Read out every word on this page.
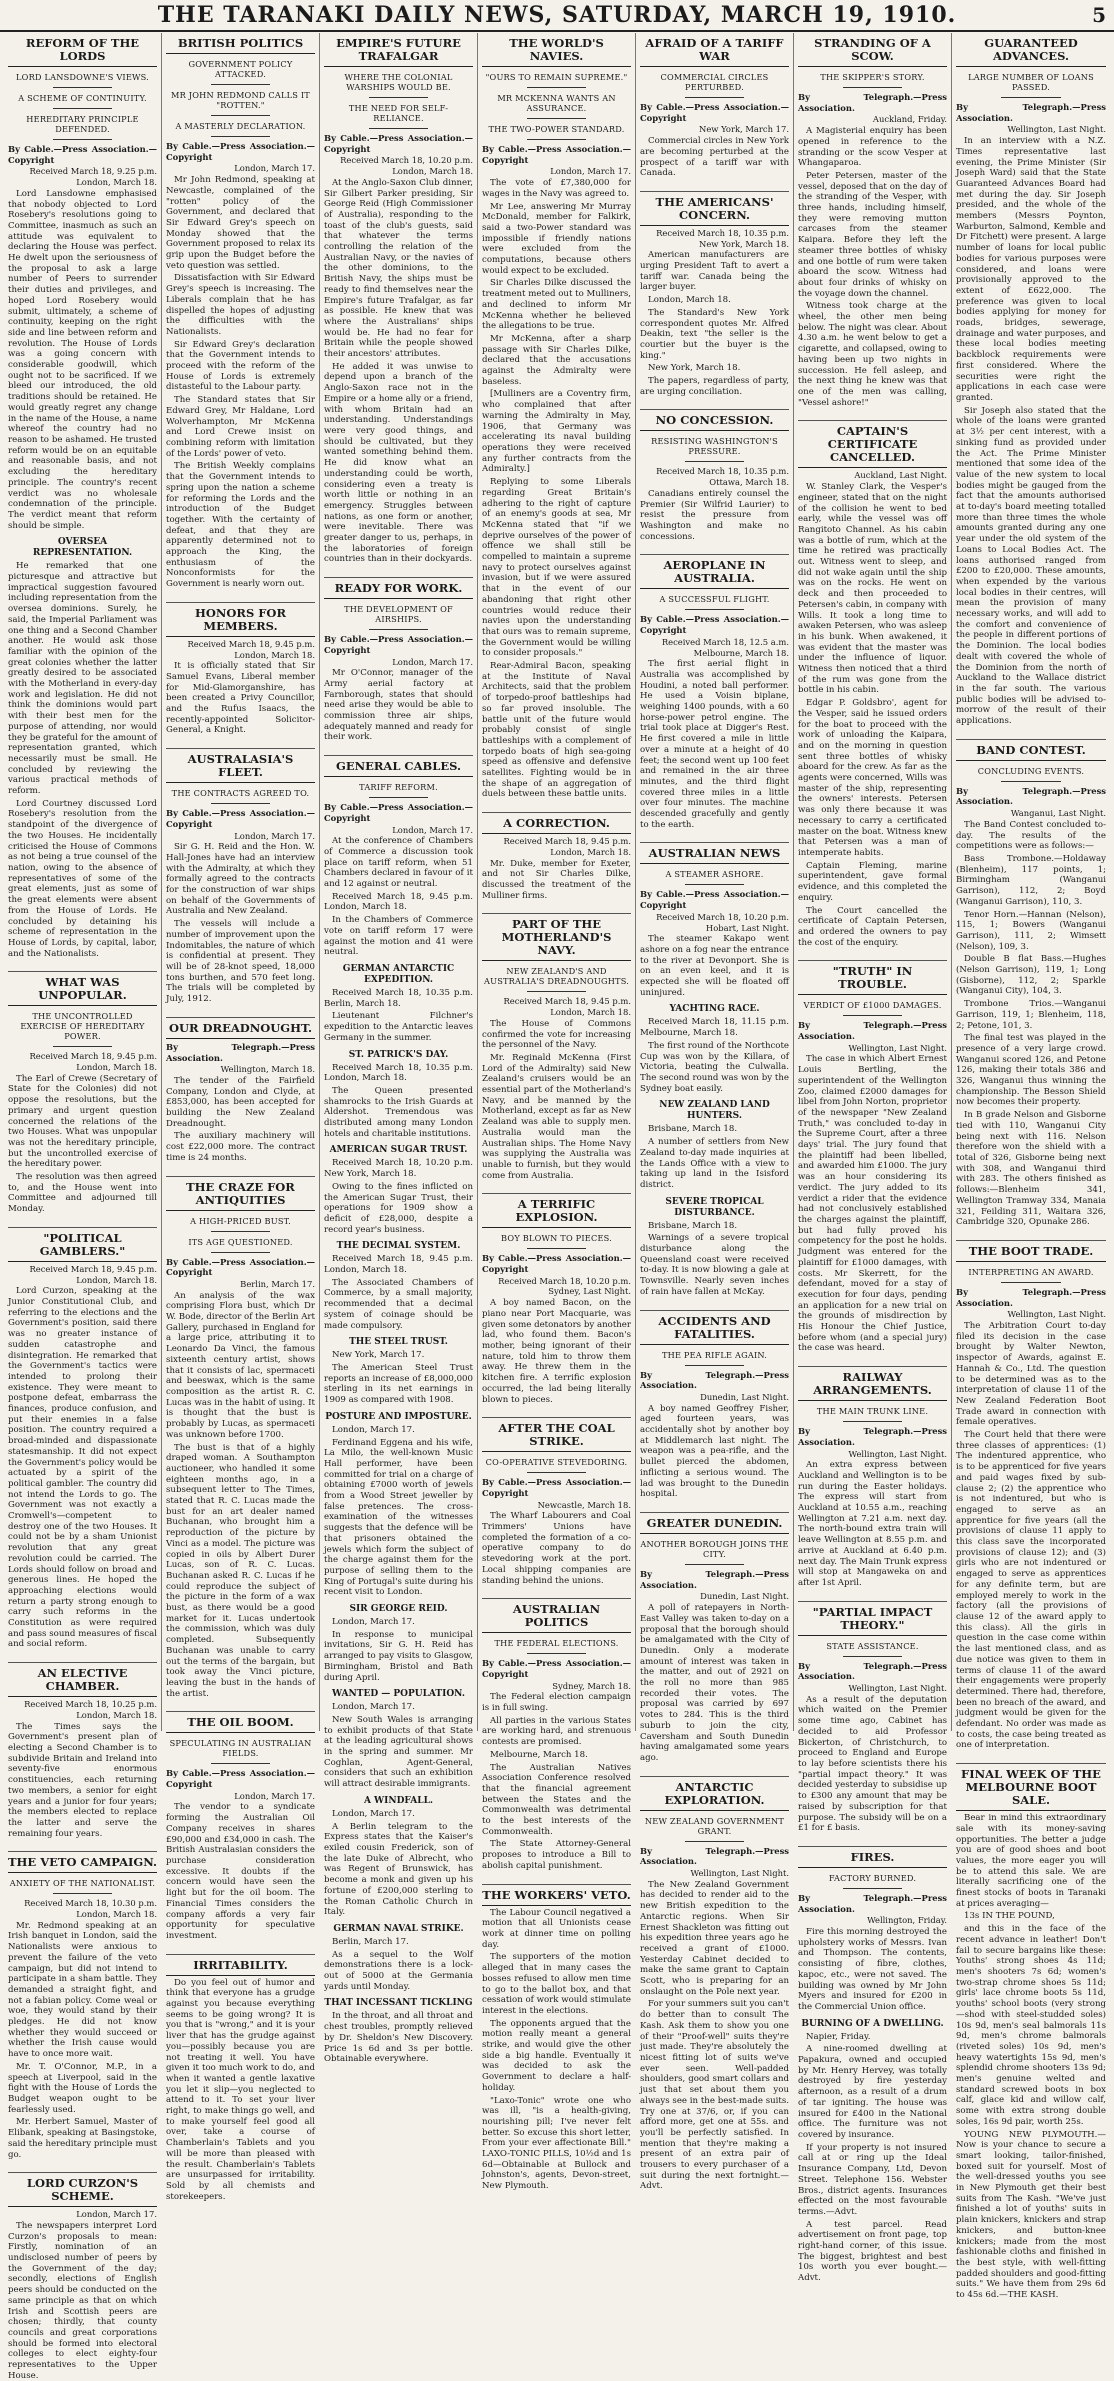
THE TARANAKI DAILY NEWS, SATURDAY, MARCH 19, 1910.	5
REFORM OF THE LORDS
LORD LANSDOWNE'S VIEWS.
A SCHEME OF CONTINUITY.
HEREDITARY PRINCIPLE DEFENDED.
By Cable.—Press Association.—Copyright
Received March 18, 9.25 p.m. London, March 18.

Lord Lansdowne emphasised that nobody objected to Lord Rosebery's resolutions going to Committee, inasmuch as such an attitude was equivalent to declaring the House was perfect. He dwelt upon the seriousness of the proposal to ask a large number of Peers to surrender their duties and privileges, and hoped Lord Rosebery would submit, ultimately, a scheme of continuity, keeping on the right side and line between reform and revolution. The House of Lords was a going concern with considerable goodwill, which ought not to be sacrificed. If we bleed our introduced, the old traditions should be retained. He would greatly regret any change in the name of the House, a name whereof the country had no reason to be ashamed. He trusted reform would be on an equitable and reasonable basis, and not excluding the hereditary principle. The country's recent verdict was no wholesale condemnation of the principle. The verdict meant that reform should be simple.

OVERSEA REPRESENTATION.

He remarked that one picturesque and attractive but impractical suggestion favoured including representation from the oversea dominions. Surely, he said, the Imperial Parliament was one thing and a Second Chamber another. He would ask those familiar with the opinion of the great colonies whether the latter greatly desired to be associated with the Motherland in every-day work and legislation. He did not think the dominions would part with their best men for the purpose of attending, nor would they be grateful for the amount of representation granted, which necessarily must be small. He concluded by reviewing the various practical methods of reform.

Lord Courtney discussed Lord Rosebery's resolution from the standpoint of the divergence of the two Houses. He incidentally criticised the House of Commons as not being a true counsel of the nation, owing to the absence of representatives of some of the great elements, just as some of the great elements were absent from the House of Lords. He concluded by detaining his scheme of representation in the House of Lords, by capital, labor, and the Nationalists.

WHAT WAS UNPOPULAR.
THE UNCONTROLLED EXERCISE OF HEREDITARY POWER.
Received March 18, 9.45 p.m. London, March 18.

The Earl of Crewe (Secretary of State for the Colonies) did not oppose the resolutions, but the primary and urgent question concerned the relations of the two Houses. What was unpopular was not the hereditary principle, but the uncontrolled exercise of the hereditary power.

The resolution was then agreed to, and the House went into Committee and adjourned till Monday.

"POLITICAL GAMBLERS."
Received March 18, 9.45 p.m. London, March 18.

Lord Curzon, speaking at the Junior Constitutional Club, and referring to the elections and the Government's position, said there was no greater instance of sudden catastrophe and disintegration. He remarked that the Government's tactics were intended to prolong their existence. They were meant to postpone defeat, embarrass the finances, produce confusion, and put their enemies in a false position. The country required a broad-minded and dispassionate statesmanship. It did not expect the Government's policy would be actuated by a spirit of the political gambler. The country did not intend the Lords to go. The Government was not exactly a Cromwell's—competent to destroy one of the two Houses. It could not be by a sham Unionist revolution that any great revolution could be carried. The Lords should follow on broad and generous lines. He hoped the approaching elections would return a party strong enough to carry such reforms in the Constitution as were required and pass sound measures of fiscal and social reform.

AN ELECTIVE CHAMBER.
Received March 18, 10.25 p.m. London, March 18.

The Times says the Government's present plan of electing a Second Chamber is to subdivide Britain and Ireland into seventy-five enormous constituencies, each returning two members, a senior for eight years and a junior for four years; the members elected to replace the latter and serve the remaining four years.

THE VETO CAMPAIGN.
ANXIETY OF THE NATIONALIST.
Received March 18, 10.30 p.m. London, March 18.

Mr. Redmond speaking at an Irish banquet in London, said the Nationalists were anxious to prevent the failure of the veto campaign, but did not intend to participate in a sham battle. They demanded a straight fight, and not a fabian policy. Come weal or woe, they would stand by their pledges. He did not know whether they would succeed or whether the Irish cause would have to once more wait.

Mr. T. O'Connor, M.P., in a speech at Liverpool, said in the fight with the House of Lords the Budget weapon ought to be fearlessly used.

Mr. Herbert Samuel, Master of Elibank, speaking at Basingstoke, said the hereditary principle must go.

LORD CURZON'S SCHEME.
London, March 17.

The newspapers interpret Lord Curzon's proposals to mean: Firstly, nomination of an undisclosed number of peers by the Government of the day; secondly, elections of English peers should be conducted on the same principle as that on which Irish and Scottish peers are chosen; thirdly, that county councils and great corporations should be formed into electoral colleges to elect eighty-four representatives to the Upper House.

BRITISH POLITICS
GOVERNMENT POLICY ATTACKED.
MR JOHN REDMOND CALLS IT "ROTTEN."
A MASTERLY DECLARATION.
By Cable.—Press Association.—Copyright
London, March 17.

Mr John Redmond, speaking at Newcastle, complained of the "rotten" policy of the Government, and declared that Sir Edward Grey's speech on Monday showed that the Government proposed to relax its grip upon the Budget before the veto question was settled.

Dissatisfaction with Sir Edward Grey's speech is increasing. The Liberals complain that he has dispelled the hopes of adjusting the difficulties with the Nationalists.

Sir Edward Grey's declaration that the Government intends to proceed with the reform of the House of Lords is extremely distasteful to the Labour party.

The Standard states that Sir Edward Grey, Mr Haldane, Lord Wolverhampton, Mr McKenna and Lord Crewe insist on combining reform with limitation of the Lords' power of veto.

The British Weekly complains that the Government intends to spring upon the nation a scheme for reforming the Lords and the introduction of the Budget together. With the certainty of defeat, and that they are apparently determined not to approach the King, the enthusiasm of the Nonconformists for the Government is nearly worn out.

HONORS FOR MEMBERS.
Received March 18, 9.45 p.m. London, March 18.

It is officially stated that Sir Samuel Evans, Liberal member for Mid-Glamorganshire, has been created a Privy Councillor, and the Rufus Isaacs, the recently-appointed Solicitor-General, a Knight.

AUSTRALASIA'S FLEET.
THE CONTRACTS AGREED TO.
By Cable.—Press Association.—Copyright
London, March 17.

Sir G. H. Reid and the Hon. W. Hall-Jones have had an interview with the Admiralty, at which they formally agreed to the contracts for the construction of war ships on behalf of the Governments of Australia and New Zealand.

The vessels will include a number of improvement upon the Indomitables, the nature of which is confidential at present. They will be of 28-knot speed, 18,000 tons burthen, and 570 feet long. The trials will be completed by July, 1912.

OUR DREADNOUGHT.
By Telegraph.—Press Association.
Wellington, March 18.

The tender of the Fairfield Company, London and Clyde, at £853,000, has been accepted for building the New Zealand Dreadnought.

The auxiliary machinery will cost £22,000 more. The contract time is 24 months.

THE CRAZE FOR ANTIQUITIES
A HIGH-PRICED BUST.
ITS AGE QUESTIONED.
By Cable.—Press Association.—Copyright
Berlin, March 17.

An analysis of the wax comprising Flora bust, which Dr W. Bode, director of the Berlin Art Gallery, purchased in England for a large price, attributing it to Leonardo Da Vinci, the famous sixteenth century artist, shows that it consists of lac, spermaceti and beeswax, which is the same composition as the artist R. C. Lucas was in the habit of using. It is thought that the bust is probably by Lucas, as spermaceti was unknown before 1700.

The bust is that of a highly draped woman. A Southampton auctioneer, who handled it some eighteen months ago, in a subsequent letter to The Times, stated that R. C. Lucas made the bust for an art dealer named Buchanan, who brought him a reproduction of the picture by Vinci as a model. The picture was copied in oils by Albert Durer Lucas, son of R. C. Lucas. Buchanan asked R. C. Lucas if he could reproduce the subject of the picture in the form of a wax bust, as there would be a good market for it. Lucas undertook the commission, which was duly completed. Subsequently Buchanan was unable to carry out the terms of the bargain, but took away the Vinci picture, leaving the bust in the hands of the artist.

THE OIL BOOM.
SPECULATING IN AUSTRALIAN FIELDS.
By Cable.—Press Association.—Copyright
London, March 17.

The vendor to a syndicate forming the Australian Oil Company receives in shares £90,000 and £34,000 in cash. The British Australasian considers the purchase consideration excessive. It doubts if the concern would have seen the light but for the oil boom. The Financial Times considers the company affords a very fair opportunity for speculative investment.

IRRITABILITY.

Do you feel out of humor and think that everyone has a grudge against you because everything seems to be going wrong? It is you that is "wrong," and it is your liver that has the grudge against you—possibly because you are not treating it well. You have given it too much work to do, and when it wanted a gentle laxative you let it slip—you neglected to attend to it. To set your liver right, to make things go well, and to make yourself feel good all over, take a course of Chamberlain's Tablets and you will be more than pleased with the result. Chamberlain's Tablets are unsurpassed for irritability. Sold by all chemists and storekeepers.

EMPIRE'S FUTURE TRAFALGAR
WHERE THE COLONIAL WARSHIPS WOULD BE.
THE NEED FOR SELF-RELIANCE.
By Cable.—Press Association.—Copyright
Received March 18, 10.20 p.m. London, March 18.

At the Anglo-Saxon Club dinner, Sir Gilbert Parker presiding, Sir George Reid (High Commissioner of Australia), responding to the toast of the club's guests, said that whatever the terms controlling the relation of the Australian Navy, or the navies of the other dominions, to the British Navy, the ships must be ready to find themselves near the Empire's future Trafalgar, as far as possible. He knew that was where the Australians' ships would be. He had no fear for Britain while the people showed their ancestors' attributes.

He added it was unwise to depend upon a branch of the Anglo-Saxon race not in the Empire or a home ally or a friend, with whom Britain had an understanding. Understandings were very good things, and should be cultivated, but they wanted something behind them. He did know what an understanding could be worth, considering even a treaty is worth little or nothing in an emergency. Struggles between nations, as one form or another, were inevitable. There was greater danger to us, perhaps, in the laboratories of foreign countries than in their dockyards.

READY FOR WORK.
THE DEVELOPMENT OF AIRSHIPS.
By Cable.—Press Association.—Copyright
London, March 17.

Mr O'Connor, manager of the Army aerial factory at Farnborough, states that should need arise they would be able to commission three air ships, adequately manned and ready for their work.

GENERAL CABLES.
TARIFF REFORM.
By Cable.—Press Association.—Copyright
London, March 17.

At the conference of Chambers of Commerce a discussion took place on tariff reform, when 51 Chambers declared in favour of it and 12 against or neutral.

Received March 18, 9.45 p.m. London, March 18.

In the Chambers of Commerce vote on tariff reform 17 were against the motion and 41 were neutral.

GERMAN ANTARCTIC EXPEDITION.

Received March 18, 10.35 p.m. Berlin, March 18.

Lieutenant Filchner's expedition to the Antarctic leaves Germany in the summer.

ST. PATRICK'S DAY.

Received March 18, 10.35 p.m. London, March 18.

The Queen presented shamrocks to the Irish Guards at Aldershot. Tremendous was distributed among many London hotels and charitable institutions.

AMERICAN SUGAR TRUST.

Received March 18, 10.20 p.m. New York, March 18.

Owing to the fines inflicted on the American Sugar Trust, their operations for 1909 show a deficit of £28,000, despite a record year's business.

THE DECIMAL SYSTEM.

Received March 18, 9.45 p.m. London, March 18.

The Associated Chambers of Commerce, by a small majority, recommended that a decimal system of coinage should be made compulsory.

THE STEEL TRUST.

New York, March 17.

The American Steel Trust reports an increase of £8,000,000 sterling in its net earnings in 1909 as compared with 1908.

POSTURE AND IMPOSTURE.

London, March 17.

Ferdinand Eggena and his wife, La Milo, the well-known Music Hall performer, have been committed for trial on a charge of obtaining £7000 worth of jewels from a Wood Street jeweller by false pretences. The cross-examination of the witnesses suggests that the defence will be that prisoners obtained the jewels which form the subject of the charge against them for the purpose of selling them to the King of Portugal's suite during his recent visit to London.

SIR GEORGE REID.

London, March 17.

In response to municipal invitations, Sir G. H. Reid has arranged to pay visits to Glasgow, Birmingham, Bristol and Bath during April.

WANTED — POPULATION.

London, March 17.

New South Wales is arranging to exhibit products of that State at the leading agricultural shows in the spring and summer. Mr Coghlan, Agent-General, considers that such an exhibition will attract desirable immigrants.

A WINDFALL.

London, March 17.

A Berlin telegram to the Express states that the Kaiser's exiled cousin Frederick, son of the late Duke of Albrecht, who was Regent of Brunswick, has become a monk and given up his fortune of £200,000 sterling to the Roman Catholic Church in Italy.

GERMAN NAVAL STRIKE.

Berlin, March 17.

As a sequel to the Wolf demonstrations there is a lock-out of 5000 at the Germania yards until Monday.

THAT INCESSANT TICKLING

In the throat, and all throat and chest troubles, promptly relieved by Dr. Sheldon's New Discovery. Price 1s 6d and 3s per bottle. Obtainable everywhere.

THE WORLD'S NAVIES.
"OURS TO REMAIN SUPREME."
MR MCKENNA WANTS AN ASSURANCE.
THE TWO-POWER STANDARD.
By Cable.—Press Association.—Copyright
London, March 17.

The vote of £7,380,000 for wages in the Navy was agreed to.

Mr Lee, answering Mr Murray McDonald, member for Falkirk, said a two-Power standard was impossible if friendly nations were excluded from the computations, because others would expect to be excluded.

Sir Charles Dilke discussed the treatment meted out to Mulliners, and declined to inform Mr McKenna whether he believed the allegations to be true.

Mr McKenna, after a sharp passage with Sir Charles Dilke, declared that the accusations against the Admiralty were baseless.

[Mulliners are a Coventry firm, who complained that after warning the Admiralty in May, 1906, that Germany was accelerating its naval building operations they were received any further contracts from the Admiralty.]

Replying to some Liberals regarding Great Britain's adhering to the right of capture of an enemy's goods at sea, Mr McKenna stated that "if we deprive ourselves of the power of offence we shall still be compelled to maintain a supreme navy to protect ourselves against invasion, but if we were assured that in the event of our abandoning that right other countries would reduce their navies upon the understanding that ours was to remain supreme, the Government would be willing to consider proposals."

Rear-Admiral Bacon, speaking at the Institute of Naval Architects, said that the problem of torpedo-proof battleships had so far proved insoluble. The battle unit of the future would probably consist of single battleships with a complement of torpedo boats of high sea-going speed as offensive and defensive satellites. Fighting would be in the shape of an aggregation of duels between these battle units.

A CORRECTION.
Received March 18, 9.45 p.m. London, March 18.

Mr. Duke, member for Exeter, and not Sir Charles Dilke, discussed the treatment of the Mulliner firms.

PART OF THE MOTHERLAND'S NAVY.
NEW ZEALAND'S AND AUSTRALIA'S DREADNOUGHTS.
Received March 18, 9.45 p.m. London, March 18.

The House of Commons confirmed the vote for increasing the personnel of the Navy.

Mr. Reginald McKenna (First Lord of the Admiralty) said New Zealand's cruisers would be an essential part of the Motherland's Navy, and be manned by the Motherland, except as far as New Zealand was able to supply men. Australia would man the Australian ships. The Home Navy was supplying the Australia was unable to furnish, but they would come from Australia.

A TERRIFIC EXPLOSION.
BOY BLOWN TO PIECES.
By Cable.—Press Association.—Copyright
Received March 18, 10.20 p.m. Sydney, Last Night.

A boy named Bacon, on the piano near Port Macquarie, was given some detonators by another lad, who found them. Bacon's mother, being ignorant of their nature, told him to throw them away. He threw them in the kitchen fire. A terrific explosion occurred, the lad being literally blown to pieces.

AFTER THE COAL STRIKE.
CO-OPERATIVE STEVEDORING.
By Cable.—Press Association.—Copyright
Newcastle, March 18.

The Wharf Labourers and Coal Trimmers' Unions have completed the formation of a co-operative company to do stevedoring work at the port. Local shipping companies are standing behind the unions.

AUSTRALIAN POLITICS
THE FEDERAL ELECTIONS.
By Cable.—Press Association.—Copyright
Sydney, March 18.

The Federal election campaign is in full swing.

All parties in the various States are working hard, and strenuous contests are promised.

Melbourne, March 18.

The Australian Natives Association Conference resolved that the financial agreement between the States and the Commonwealth was detrimental to the best interests of the Commonwealth.

The State Attorney-General proposes to introduce a Bill to abolish capital punishment.

THE WORKERS' VETO.

The Labour Council negatived a motion that all Unionists cease work at dinner time on polling day.

The supporters of the motion alleged that in many cases the bosses refused to allow men time to go to the ballot box, and that cessation of work would stimulate interest in the elections.

The opponents argued that the motion really meant a general strike, and would give the other side a big handle. Eventually it was decided to ask the Government to declare a half-holiday.

"Laxo-Tonic" wrote one who was ill, "is a health-giving, nourishing pill; I've never felt better. So excuse this short letter, From your ever affectionate Bill." LAXO-TONIC PILLS, 10½d and 1s 6d—Obtainable at Bullock and Johnston's, agents, Devon-street, New Plymouth.

AFRAID OF A TARIFF WAR
COMMERCIAL CIRCLES PERTURBED.
By Cable.—Press Association.—Copyright
New York, March 17.

Commercial circles in New York are becoming perturbed at the prospect of a tariff war with Canada.

THE AMERICANS' CONCERN.
Received March 18, 10.35 p.m. New York, March 18.

American manufacturers are urging President Taft to avert a tariff war. Canada being the larger buyer.

London, March 18.

The Standard's New York correspondent quotes Mr. Alfred Deakin, text "the seller is the courtier but the buyer is the king."

New York, March 18.

The papers, regardless of party, are urging conciliation.

NO CONCESSION.
RESISTING WASHINGTON'S PRESSURE.
Received March 18, 10.35 p.m. Ottawa, March 18.

Canadians entirely counsel the Premier (Sir Wilfrid Laurier) to resist the pressure from Washington and make no concessions.

AEROPLANE IN AUSTRALIA.
A SUCCESSFUL FLIGHT.
By Cable.—Press Association.—Copyright
Received March 18, 12.5 a.m. Melbourne, March 18.

The first aerial flight in Australia was accomplished by Houdini, a noted ball performer. He used a Voisin biplane, weighing 1400 pounds, with a 60 horse-power petrol engine. The trial took place at Digger's Rest. He first covered a mile in little over a minute at a height of 40 feet; the second went up 100 feet and remained in the air three minutes, and the third flight covered three miles in a little over four minutes. The machine descended gracefully and gently to the earth.

AUSTRALIAN NEWS
A STEAMER ASHORE.
By Cable.—Press Association.—Copyright
Received March 18, 10.20 p.m. Hobart, Last Night.

The steamer Kakapo went ashore on a fog near the entrance to the river at Devonport. She is on an even keel, and it is expected she will be floated off uninjured.

YACHTING RACE.

Received March 18, 11.15 p.m. Melbourne, March 18.

The first round of the Northcote Cup was won by the Killara, of Victoria, beating the Culwalla. The second round was won by the Sydney boat easily.

NEW ZEALAND LAND HUNTERS.

Brisbane, March 18.

A number of settlers from New Zealand to-day made inquiries at the Lands Office with a view to taking up land in the Isisford district.

SEVERE TROPICAL DISTURBANCE.

Brisbane, March 18.

Warnings of a severe tropical disturbance along the Queensland coast were received to-day. It is now blowing a gale at Townsville. Nearly seven inches of rain have fallen at McKay.

ACCIDENTS AND FATALITIES.
THE PEA RIFLE AGAIN.
By Telegraph.—Press Association.
Dunedin, Last Night.

A boy named Geoffrey Fisher, aged fourteen years, was accidentally shot by another boy at Middlemarch last night. The weapon was a pea-rifle, and the bullet pierced the abdomen, inflicting a serious wound. The lad was brought to the Dunedin hospital.

GREATER DUNEDIN.
ANOTHER BOROUGH JOINS THE CITY.
By Telegraph.—Press Association.
Dunedin, Last Night.

A poll of ratepayers in North-East Valley was taken to-day on a proposal that the borough should be amalgamated with the City of Dunedin. Only a moderate amount of interest was taken in the matter, and out of 2921 on the roll no more than 985 recorded their votes. The proposal was carried by 697 votes to 284. This is the third suburb to join the city, Caversham and South Dunedin having amalgamated some years ago.

ANTARCTIC EXPLORATION.
NEW ZEALAND GOVERNMENT GRANT.
By Telegraph.—Press Association.
Wellington, Last Night.

The New Zealand Government has decided to render aid to the new British expedition to the Antarctic regions. When Sir Ernest Shackleton was fitting out his expedition three years ago he received a grant of £1000. Yesterday Cabinet decided to make the same grant to Captain Scott, who is preparing for an onslaught on the Pole next year.

For your summers suit you can't do better than to consult The Kash. Ask them to show you one of their "Proof-well" suits they're just made. They're absolutely the nicest fitting lot of suits we've ever seen. Well-padded shoulders, good smart collars and just that set about them you always see in the best-made suits. Try one at 37/6, or, if you can afford more, get one at 55s. and you'll be perfectly satisfied. In mention that they're making a present of an extra pair of trousers to every purchaser of a suit during the next fortnight.—Advt.

STRANDING OF A SCOW.
THE SKIPPER'S STORY.
By Telegraph.—Press Association.
Auckland, Friday.

A Magisterial enquiry has been opened in reference to the stranding or the scow Vesper at Whangaparoa.

Peter Petersen, master of the vessel, deposed that on the day of the stranding of the Vesper, with three hands, including himself, they were removing mutton carcases from the steamer Kaipara. Before they left the steamer three bottles of whisky and one bottle of rum were taken aboard the scow. Witness had about four drinks of whisky on the voyage down the channel.

Witness took charge at the wheel, the other men being below. The night was clear. About 4.30 a.m. he went below to get a cigarette, and collapsed, owing to having been up two nights in succession. He fell asleep, and the next thing he knew was that one of the men was calling, "Vessel ashore!"

CAPTAIN'S CERTIFICATE CANCELLED.
Auckland, Last Night.

W. Stanley Clark, the Vesper's engineer, stated that on the night of the collision he went to bed early, while the vessel was off Rangitoto Channel. As his cabin was a bottle of rum, which at the time he retired was practically out. Witness went to sleep, and did not wake again until the ship was on the rocks. He went on deck and then proceeded to Petersen's cabin, in company with Wills. It took a long time to awaken Petersen, who was asleep in his bunk. When awakened, it was evident that the master was under the influence of liquor. Witness then noticed that a third of the rum was gone from the bottle in his cabin.

Edgar P. Goldsbro', agent for the Vesper, said he issued orders for the boat to proceed with the work of unloading the Kaipara, and on the morning in question sent three bottles of whisky aboard for the crew. As far as the agents were concerned, Wills was master of the ship, representing the owners' interests. Petersen was only there because it was necessary to carry a certificated master on the boat. Witness knew that Petersen was a man of intemperate habits.

Captain Fleming, marine superintendent, gave formal evidence, and this completed the enquiry.

The Court cancelled the certificate of Captain Petersen, and ordered the owners to pay the cost of the enquiry.

"TRUTH" IN TROUBLE.
VERDICT OF £1000 DAMAGES.
By Telegraph.—Press Association.
Wellington, Last Night.

The case in which Albert Ernest Louis Bertling, the superintendent of the Wellington Zoo, claimed £2000 damages for libel from John Norton, proprietor of the newspaper "New Zealand Truth," was concluded to-day in the Supreme Court, after a three days' trial. The jury found that the plaintiff had been libelled, and awarded him £1000. The jury was an hour considering its verdict. The jury added to its verdict a rider that the evidence had not conclusively established the charges against the plaintiff, but had fully proved his competency for the post he holds. Judgment was entered for the plaintiff for £1000 damages, with costs. Mr Skerrett, for the defendant, moved for a stay of execution for four days, pending an application for a new trial on the grounds of misdirection by His Honour the Chief Justice, before whom (and a special jury) the case was heard.

RAILWAY ARRANGEMENTS.
THE MAIN TRUNK LINE.
By Telegraph.—Press Association.
Wellington, Last Night.

An extra express between Auckland and Wellington is to be run during the Easter holidays. The express will start from Auckland at 10.55 a.m., reaching Wellington at 7.21 a.m. next day. The north-bound extra train will leave Wellington at 8.55 p.m. and arrive at Auckland at 6.40 p.m. next day. The Main Trunk express will stop at Mangaweka on and after 1st April.

"PARTIAL IMPACT THEORY."
STATE ASSISTANCE.
By Telegraph.—Press Association.
Wellington, Last Night.

As a result of the deputation which waited on the Premier some time ago, Cabinet has decided to aid Professor Bickerton, of Christchurch, to proceed to England and Europe to lay before scientists there his "partial impact theory." It was decided yesterday to subsidise up to £300 any amount that may be raised by subscription for that purpose. The subsidy will be on a £1 for £ basis.

FIRES.
FACTORY BURNED.
By Telegraph.—Press Association.
Wellington, Friday.

Fire this morning destroyed the upholstery works of Messrs. Ivan and Thompson. The contents, consisting of fibre, clothes, kapoc, etc., were not saved. The building was owned by Mr John Myers and insured for £200 in the Commercial Union office.

BURNING OF A DWELLING.

Napier, Friday.

A nine-roomed dwelling at Papakura, owned and occupied by Mr. Henry Hervey, was totally destroyed by fire yesterday afternoon, as a result of a drum of tar igniting. The house was insured for £400 in the National office. The furniture was not covered by insurance.

If your property is not insured call at or ring up the Ideal Insurance Company, Ltd, Devon Street. Telephone 156. Webster Bros., district agents. Insurances effected on the most favourable terms.—Advt.

A test parcel. Read advertisement on front page, top right-hand corner, of this issue. The biggest, brightest and best 10s worth you ever bought.—Advt.

GUARANTEED ADVANCES.
LARGE NUMBER OF LOANS PASSED.
By Telegraph.—Press Association.
Wellington, Last Night.

In an interview with a N.Z. Times representative last evening, the Prime Minister (Sir Joseph Ward) said that the State Guaranteed Advances Board had met during the day. Sir Joseph presided, and the whole of the members (Messrs Poynton, Warburton, Salmond, Kemble and Dr Fitchett) were present. A large number of loans for local public bodies for various purposes were considered, and loans were provisionally approved to the extent of £622,000. The preference was given to local bodies applying for money for roads, bridges, sewerage, drainage and water purposes, and these local bodies meeting backblock requirements were first considered. Where the securities were right the applications in each case were granted.

Sir Joseph also stated that the whole of the loans were granted at 3½ per cent interest, with a sinking fund as provided under the Act. The Prime Minister mentioned that some idea of the value of the new system to local bodies might be gauged from the fact that the amounts authorised at to-day's board meeting totalled more than three times the whole amounts granted during any one year under the old system of the Loans to Local Bodies Act. The loans authorised ranged from £200 to £20,000. These amounts, when expended by the various local bodies in their centres, will mean the provision of many necessary works, and will add to the comfort and convenience of the people in different portions of the Dominion. The local bodies dealt with covered the whole of the Dominion from the north of Auckland to the Wallace district in the far south. The various public bodies will be advised to-morrow of the result of their applications.

BAND CONTEST.
CONCLUDING EVENTS.
By Telegraph.—Press Association.
Wanganui, Last Night.

The Band Contest concluded to-day. The results of the competitions were as follows:—

Bass Trombone.—Holdaway (Blenheim), 117 points, 1; Birmingham (Wanganui Garrison), 112, 2; Boyd (Wanganui Garrison), 110, 3.

Tenor Horn.—Hannan (Nelson), 115, 1; Bowers (Wanganui Garrison), 111, 2; Wimsett (Nelson), 109, 3.

Double B flat Bass.—Hughes (Nelson Garrison), 119, 1; Long (Gisborne), 112, 2; Sparkle (Wanganui City), 104, 3.

Trombone Trios.—Wanganui Garrison, 119, 1; Blenheim, 118, 2; Petone, 101, 3.

The final test was played in the presence of a very large crowd. Wanganui scored 126, and Petone 126, making their totals 386 and 326, Wanganui thus winning the championship. The Besson Shield now becomes their property.

In B grade Nelson and Gisborne tied with 110, Wanganui City being next with 116. Nelson therefore won the shield with a total of 326, Gisborne being next with 308, and Wanganui third with 283. The others finished as follows:—Blenheim 341, Wellington Tramway 334, Manaia 321, Feilding 311, Waitara 326, Cambridge 320, Opunake 286.

THE BOOT TRADE.
INTERPRETING AN AWARD.
By Telegraph.—Press Association.
Wellington, Last Night.

The Arbitration Court to-day filed its decision in the case brought by Walter Newton, inspector of Awards, against E. Hannah & Co., Ltd. The question to be determined was as to the interpretation of clause 11 of the New Zealand Federation Boot Trade award in connection with female operatives.

The Court held that there were three classes of apprentices: (1) The indentured apprentice, who is to be apprenticed for five years and paid wages fixed by sub-clause 2; (2) the apprentice who is not indentured, but who is engaged to serve as an apprentice for five years (all the provisions of clause 11 apply to this class save the incorporated provisions of clause 12); and (3) girls who are not indentured or engaged to serve as apprentices for any definite term, but are employed merely to work in the factory (all the provisions of clause 12 of the award apply to this class). All the girls in question in the case come within the last mentioned class, and as due notice was given to them in terms of clause 11 of the award their engagements were properly determined. There had, therefore, been no breach of the award, and judgment would be given for the defendant. No order was made as to costs, the case being treated as one of interpretation.

FINAL WEEK OF THE MELBOURNE BOOT SALE.

Bear in mind this extraordinary sale with its money-saving opportunities. The better a judge you are of good shoes and boot values, the more eager you will be to attend this sale. We are literally sacrificing one of the finest stocks of boots in Taranaki at prices averaging—

13s IN THE POUND,

and this in the face of the recent advance in leather! Don't fail to secure bargains like these: Youths' strong shoes 4s 11d; men's shooters 7s 6d; women's two-strap chrome shoes 5s 11d; girls' lace chrome boots 5s 11d, youths' school boots (very strong—shod with steel-studded soles) 10s 9d, men's seal balmorals 11s 9d, men's chrome balmorals (riveted soles) 10s 9d, men's heavy watertights 15s 9d, men's splendid chrome shooters 13s 9d; men's genuine welted and standard screwed boots in box calf, glace kid and willow calf, some with extra strong double soles, 16s 9d pair, worth 25s.

YOUNG NEW PLYMOUTH.—Now is your chance to secure a smart looking, tailor-finished, boxed suit for yourself. Most of the well-dressed youths you see in New Plymouth get their best suits from The Kash. "We've just finished a lot of youths' suits in plain knickers, knickers and strap knickers, and button-knee knickers; made from the most fashionable cloths and finished in the best style, with well-fitting padded shoulders and good-fitting suits." We have them from 29s 6d to 45s 6d.—THE KASH.
